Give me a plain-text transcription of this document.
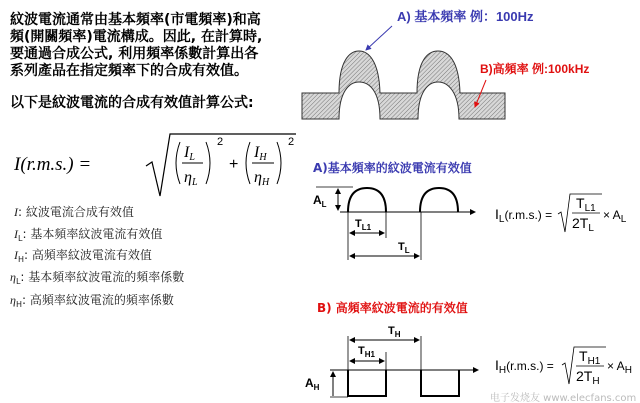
紋波電流通常由基本頻率(市電頻率)和高
頻(開關頻率)電流構成。因此, 在計算時,
要通過合成公式, 利用頻率係數計算出各
系列產品在指定頻率下的合成有效值。
以下是紋波電流的合成有效值計算公式:
I(r.m.s.) =
IL
ηL
2
+
IH
ηH
2
I: 紋波電流合成有效值
$I_L$: 基本頻率紋波電流有效值
$I_H$: 高頻率紋波電流有效值
$\eta_L$: 基本頻率紋波電流的頻率係數
$\eta_H$: 高頻率紋波電流的頻率係數
A) 基本頻率 例：100Hz
B)高頻率 例:100kHz
A)基本頻率的紋波電流有效值
$A_L$
$T_{L1}$
$T_L$
$I_L(r.m.s.)$ =
$T_{L1}$
$2T_L$
× $A_L$
B) 高頻率紋波電流的有效值
$T_H$
$T_{H1}$
$A_H$
$I_H(r.m.s.)$ =
$T_{H1}$
$2T_H$
× $A_H$
电子发烧友 www.elecfans.com
